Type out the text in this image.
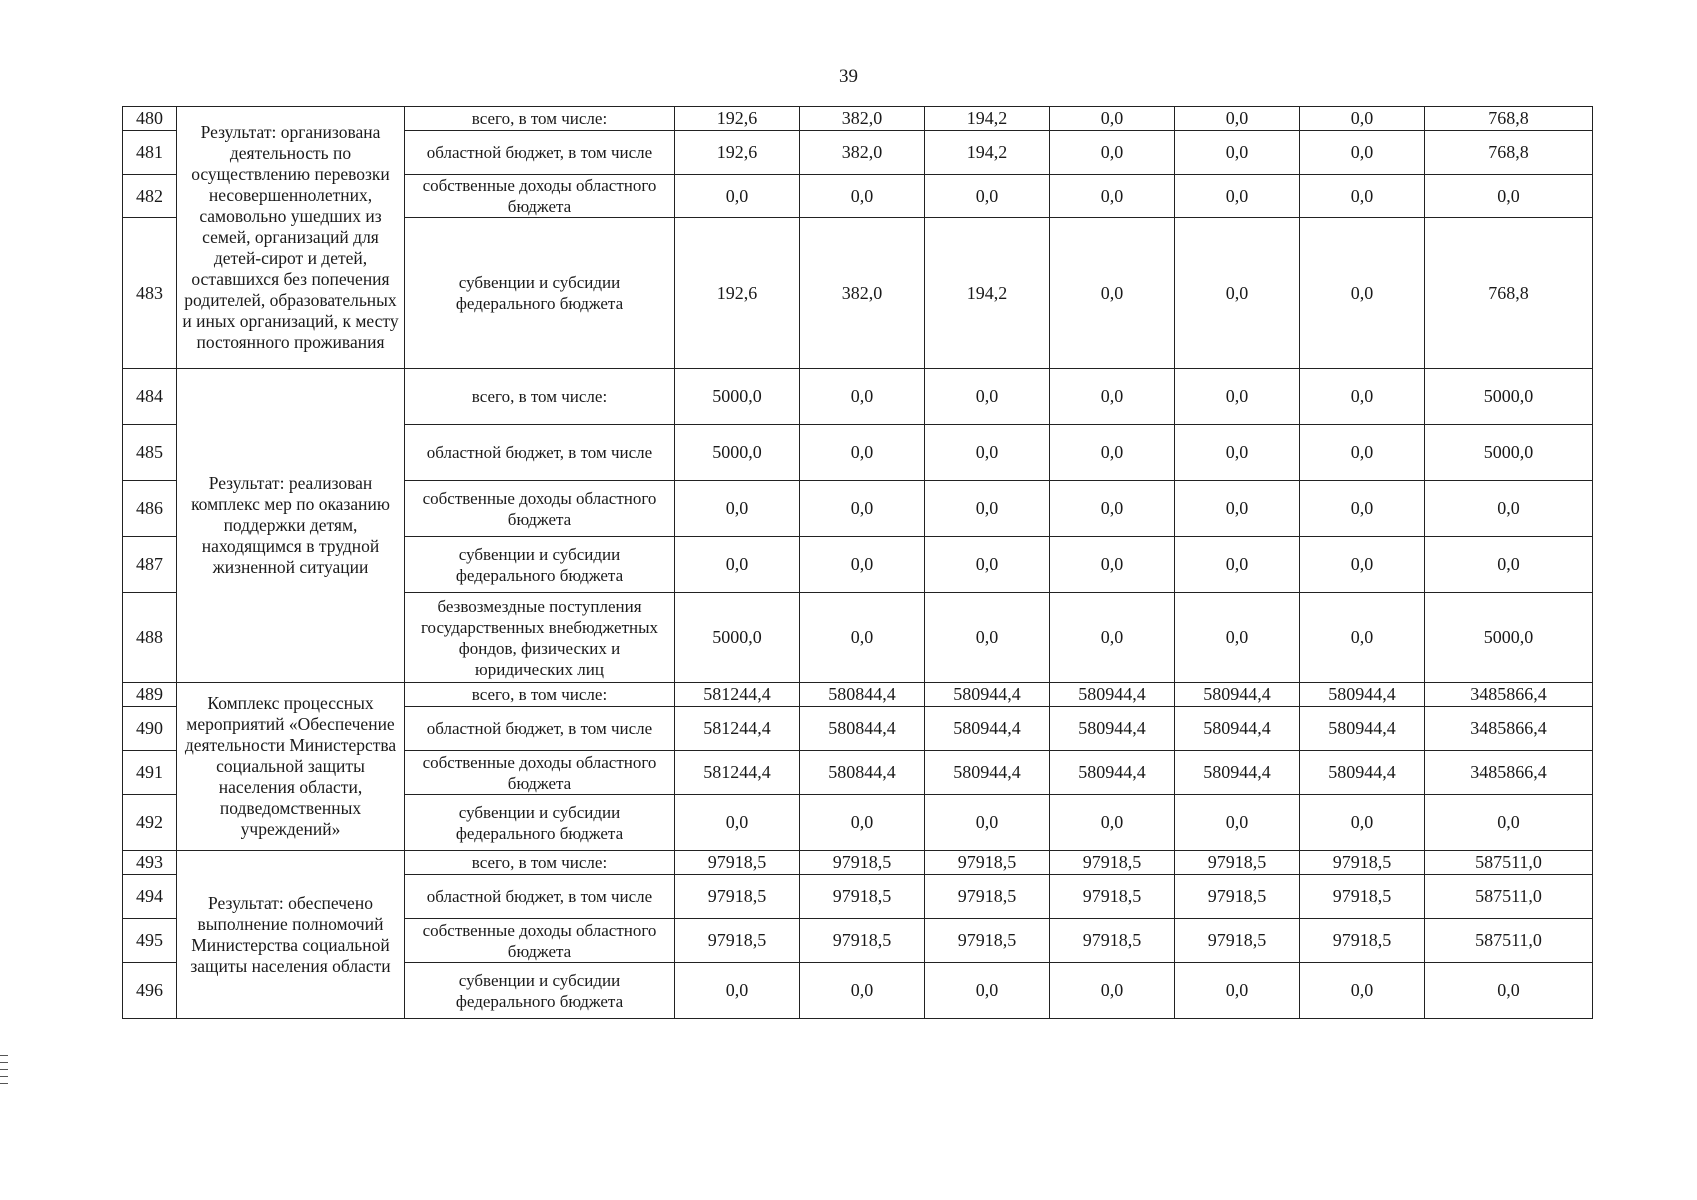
39
480	Результат: организована деятельность по осуществлению перевозки несовершеннолетних, самовольно ушедших из семей, организаций для детей-сирот и детей, оставшихся без попечения родителей, образовательных и иных организаций, к месту постоянного проживания	всего, в том числе:	192,6	382,0	194,2	0,0	0,0	0,0	768,8
481		областной бюджет, в том числе	192,6	382,0	194,2	0,0	0,0	0,0	768,8
482		собственные доходы областного бюджета	0,0	0,0	0,0	0,0	0,0	0,0	0,0
483		субвенции и субсидии федерального бюджета	192,6	382,0	194,2	0,0	0,0	0,0	768,8
484	Результат: реализован комплекс мер по оказанию поддержки детям, находящимся в трудной жизненной ситуации	всего, в том числе:	5000,0	0,0	0,0	0,0	0,0	0,0	5000,0
485		областной бюджет, в том числе	5000,0	0,0	0,0	0,0	0,0	0,0	5000,0
486		собственные доходы областного бюджета	0,0	0,0	0,0	0,0	0,0	0,0	0,0
487		субвенции и субсидии федерального бюджета	0,0	0,0	0,0	0,0	0,0	0,0	0,0
488		безвозмездные поступления государственных внебюджетных фондов, физических и юридических лиц	5000,0	0,0	0,0	0,0	0,0	0,0	5000,0
489	Комплекс процессных мероприятий «Обеспечение деятельности Министерства социальной защиты населения области, подведомственных учреждений»	всего, в том числе:	581244,4	580844,4	580944,4	580944,4	580944,4	580944,4	3485866,4
490		областной бюджет, в том числе	581244,4	580844,4	580944,4	580944,4	580944,4	580944,4	3485866,4
491		собственные доходы областного бюджета	581244,4	580844,4	580944,4	580944,4	580944,4	580944,4	3485866,4
492		субвенции и субсидии федерального бюджета	0,0	0,0	0,0	0,0	0,0	0,0	0,0
493	Результат: обеспечено выполнение полномочий Министерства социальной защиты населения области	всего, в том числе:	97918,5	97918,5	97918,5	97918,5	97918,5	97918,5	587511,0
494		областной бюджет, в том числе	97918,5	97918,5	97918,5	97918,5	97918,5	97918,5	587511,0
495		собственные доходы областного бюджета	97918,5	97918,5	97918,5	97918,5	97918,5	97918,5	587511,0
496		субвенции и субсидии федерального бюджета	0,0	0,0	0,0	0,0	0,0	0,0	0,0
